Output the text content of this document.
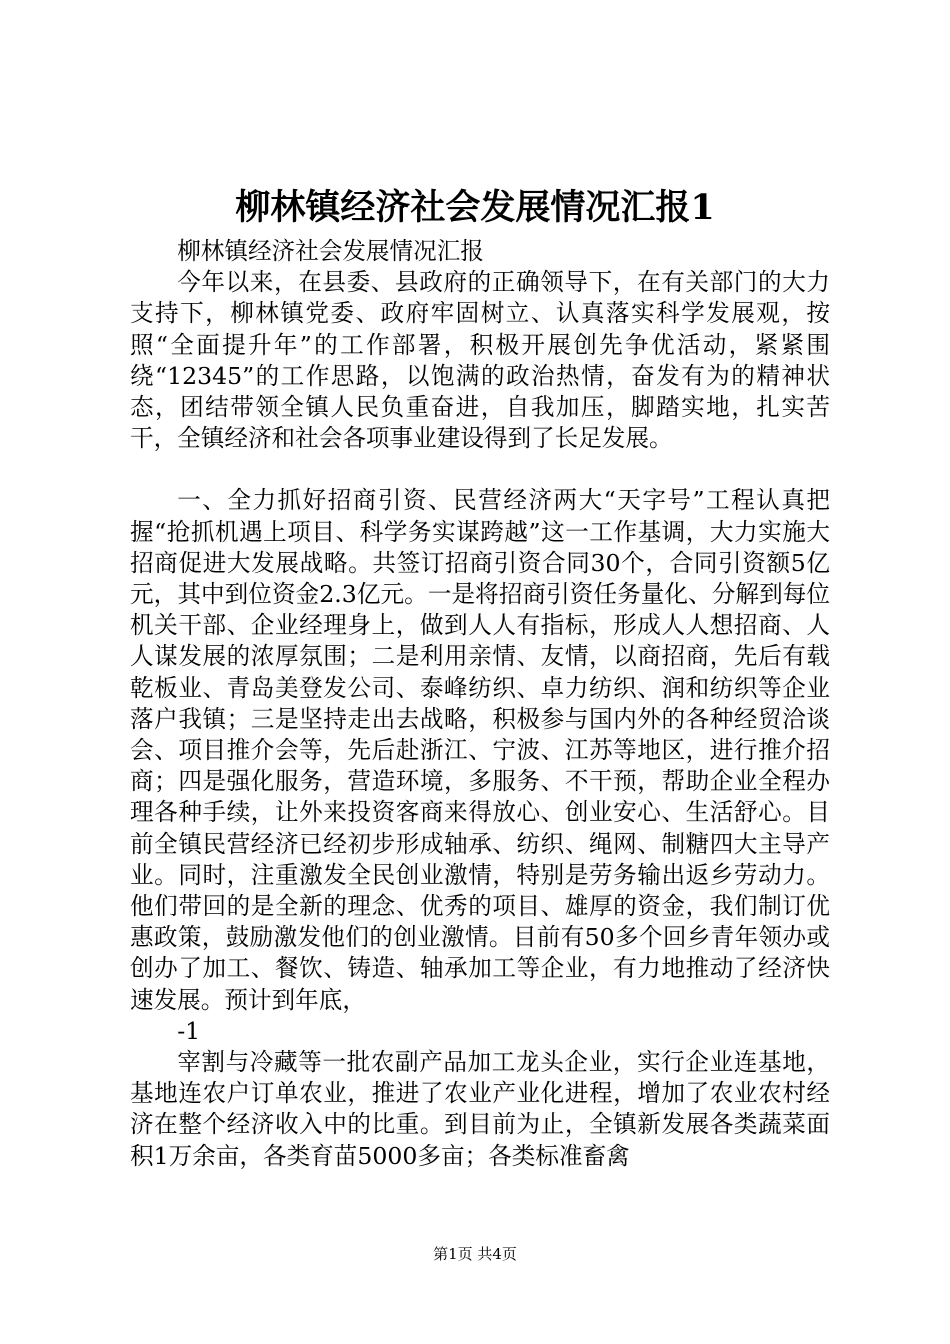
柳林镇经济社会发展情况汇报1

柳林镇经济社会发展情况汇报

今年以来，在县委、县政府的正确领导下，在有关部门的大力支持下，柳林镇党委、政府牢固树立、认真落实科学发展观，按照“全面提升年”的工作部署，积极开展创先争优活动，紧紧围绕“12345”的工作思路，以饱满的政治热情，奋发有为的精神状态，团结带领全镇人民负重奋进，自我加压，脚踏实地，扎实苦干，全镇经济和社会各项事业建设得到了长足发展。

一、全力抓好招商引资、民营经济两大“天字号”工程认真把握“抢抓机遇上项目、科学务实谋跨越”这一工作基调，大力实施大招商促进大发展战略。共签订招商引资合同30个，合同引资额5亿元，其中到位资金2.3亿元。一是将招商引资任务量化、分解到每位机关干部、企业经理身上，做到人人有指标，形成人人想招商、人人谋发展的浓厚氛围；二是利用亲情、友情，以商招商，先后有载乾板业、青岛美登发公司、泰峰纺织、卓力纺织、润和纺织等企业落户我镇；三是坚持走出去战略，积极参与国内外的各种经贸洽谈会、项目推介会等，先后赴浙江、宁波、江苏等地区，进行推介招商；四是强化服务，营造环境，多服务、不干预，帮助企业全程办理各种手续，让外来投资客商来得放心、创业安心、生活舒心。目前全镇民营经济已经初步形成轴承、纺织、绳网、制糖四大主导产业。同时，注重激发全民创业激情，特别是劳务输出返乡劳动力。他们带回的是全新的理念、优秀的项目、雄厚的资金，我们制订优惠政策，鼓励激发他们的创业激情。目前有50多个回乡青年领办或创办了加工、餐饮、铸造、轴承加工等企业，有力地推动了经济快速发展。预计到年底，

-1

宰割与冷藏等一批农副产品加工龙头企业，实行企业连基地，基地连农户订单农业，推进了农业产业化进程，增加了农业农村经济在整个经济收入中的比重。到目前为止，全镇新发展各类蔬菜面积1万余亩，各类育苗5000多亩；各类标准畜禽

第1页 共4页
